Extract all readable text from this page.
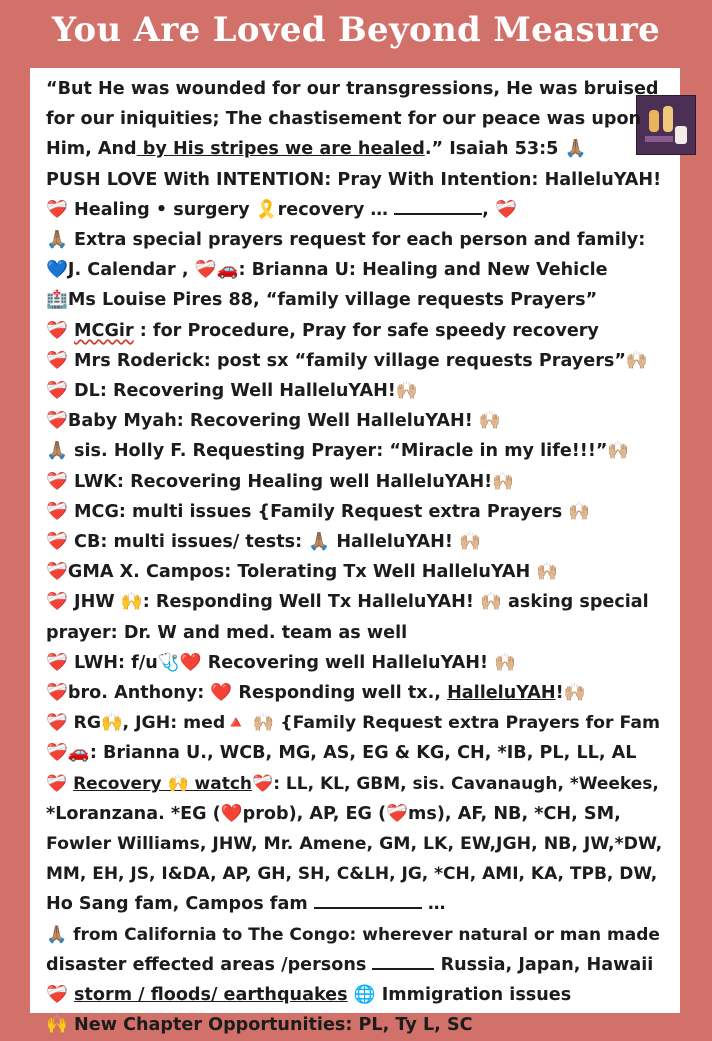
You Are Loved Beyond Measure
“But He was wounded for our transgressions, He was bruised
for our iniquities; The chastisement for our peace was upon
Him, And by His stripes we are healed.” Isaiah 53:5 🙏🏽
PUSH LOVE With INTENTION: Pray With Intention: HalleluYAH!
❤️‍🩹 Healing • surgery 🎗️recovery …	, ❤️‍🩹
🙏🏽 Extra special prayers request for each person and family:
💙J. Calendar , ❤️‍🩹🚗: Brianna U: Healing and New Vehicle
🏥Ms Louise Pires 88, “family village requests Prayers”
❤️‍🩹 MCGir : for Procedure, Pray for safe speedy recovery
❤️‍🩹 Mrs Roderick: post sx “family village requests Prayers”🙌🏼
❤️‍🩹 DL: Recovering Well HalleluYAH!🙌🏼
❤️‍🩹Baby Myah: Recovering Well HalleluYAH! 🙌🏼
🙏🏽 sis. Holly F. Requesting Prayer: “Miracle in my life!!!”🙌🏼
❤️‍🩹 LWK: Recovering Healing well HalleluYAH!🙌🏼
❤️‍🩹 MCG: multi issues {Family Request extra Prayers 🙌🏼
❤️‍🩹 CB: multi issues/ tests: 🙏🏽 HalleluYAH! 🙌🏼
❤️‍🩹GMA X. Campos: Tolerating Tx Well HalleluYAH 🙌🏼
❤️‍🩹 JHW 🙌: Responding Well Tx HalleluYAH! 🙌🏼 asking special
prayer: Dr. W and med. team as well
❤️‍🩹 LWH: f/u🩺❤️ Recovering well HalleluYAH! 🙌🏼
❤️‍🩹bro. Anthony: ❤️ Responding well tx., HalleluYAH!🙌🏼
❤️‍🩹 RG🙌, JGH: med🔺 🙌🏼 {Family Request extra Prayers for Fam
❤️‍🩹🚗: Brianna U., WCB, MG, AS, EG & KG, CH, *IB, PL, LL, AL
❤️‍🩹 Recovery 🙌 watch❤️‍🩹: LL, KL, GBM, sis. Cavanaugh, *Weekes,
*Loranzana. *EG (❤️prob), AP, EG (❤️‍🩹ms), AF, NB, *CH, SM,
Fowler Williams, JHW, Mr. Amene, GM, LK, EW,JGH, NB, JW,*DW,
MM, EH, JS, I&DA, AP, GH, SH, C&LH, JG, *CH, AMI, KA, TPB, DW,
Ho Sang fam, Campos fam	…
🙏🏽 from California to The Congo: wherever natural or man made
disaster effected areas /persons	Russia, Japan, Hawaii
❤️‍🩹 storm / floods/ earthquakes 🌐 Immigration issues
🙌 New Chapter Opportunities: PL, Ty L, SC
